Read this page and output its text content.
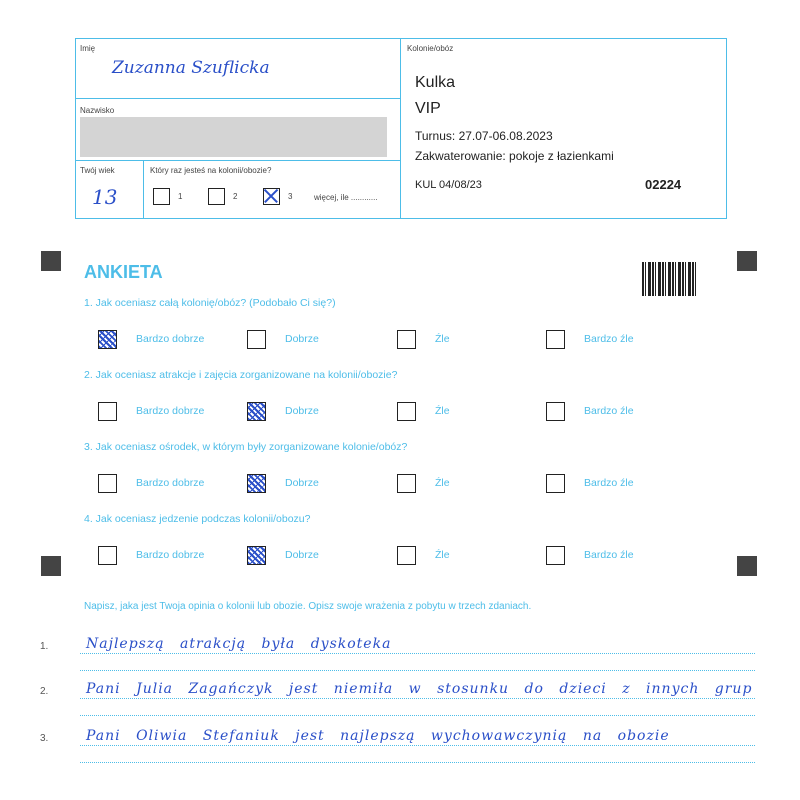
Imię
Zuzanna Szuflicka
Nazwisko
Twój wiek
13
Który raz jesteś na kolonii/obozie?
1	2	3	więcej, ile ............
Kolonie/obóz
Kulka
VIP
Turnus: 27.07-06.08.2023
Zakwaterowanie: pokoje z łazienkami
KUL 04/08/23	02224
ANKIETA
1. Jak oceniasz całą kolonię/obóz? (Podobało Ci się?)
Bardzo dobrze	Dobrze	Źle	Bardzo źle
2. Jak oceniasz atrakcje i zajęcia zorganizowane na kolonii/obozie?
Bardzo dobrze	Dobrze	Źle	Bardzo źle
3. Jak oceniasz ośrodek, w którym były zorganizowane kolonie/obóz?
Bardzo dobrze	Dobrze	Źle	Bardzo źle
4. Jak oceniasz jedzenie podczas kolonii/obozu?
Bardzo dobrze	Dobrze	Źle	Bardzo źle
Napisz, jaka jest Twoja opinia o kolonii lub obozie. Opisz swoje wrażenia z pobytu w trzech zdaniach.
1.	Najlepszą atrakcją była dyskoteka
2.	Pani Julia Zagańczyk jest niemiła w stosunku do dzieci z innych grup
3.	Pani Oliwia Stefaniuk jest najlepszą wychowawczynią na obozie
